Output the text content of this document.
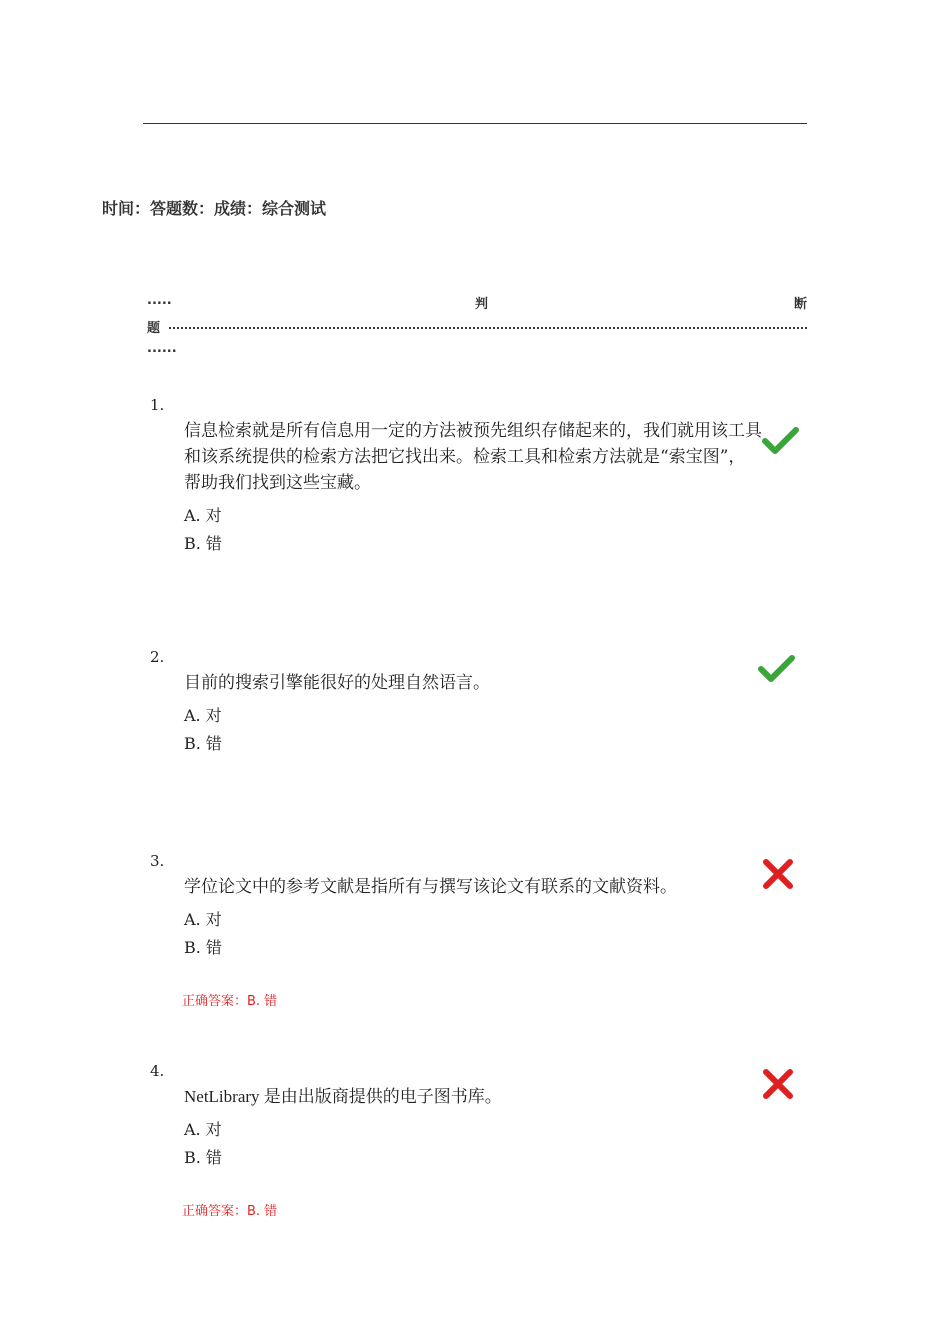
时间：答题数：成绩：综合测试
.....	判	断
题
......
1.
信息检索就是所有信息用一定的方法被预先组织存储起来的，我们就用该工具和该系统提供的检索方法把它找出来。检索工具和检索方法就是“索宝图”，帮助我们找到这些宝藏。
A. 对
B. 错
2.
目前的搜索引擎能很好的处理自然语言。
A. 对
B. 错
3.
学位论文中的参考文献是指所有与撰写该论文有联系的文献资料。
A. 对
B. 错
正确答案：B. 错
4.
NetLibrary 是由出版商提供的电子图书库。
A. 对
B. 错
正确答案：B. 错
